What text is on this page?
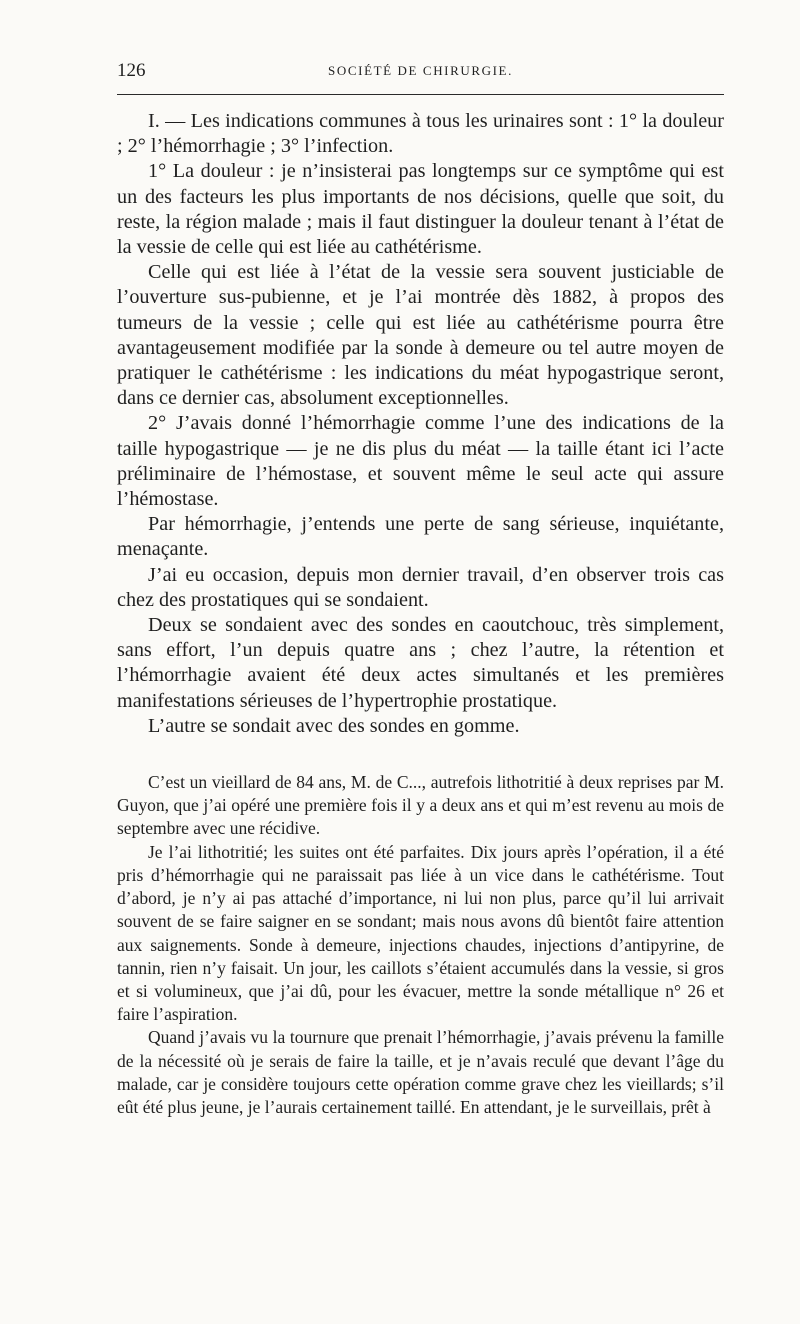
126	SOCIÉTÉ DE CHIRURGIE.

I. — Les indications communes à tous les urinaires sont : 1° la douleur ; 2° l’hémorrhagie ; 3° l’infection.

1° La douleur : je n’insisterai pas longtemps sur ce symptôme qui est un des facteurs les plus importants de nos décisions, quelle que soit, du reste, la région malade ; mais il faut distinguer la douleur tenant à l’état de la vessie de celle qui est liée au cathétérisme.

Celle qui est liée à l’état de la vessie sera souvent justiciable de l’ouverture sus-pubienne, et je l’ai montrée dès 1882, à propos des tumeurs de la vessie ; celle qui est liée au cathétérisme pourra être avantageusement modifiée par la sonde à demeure ou tel autre moyen de pratiquer le cathétérisme : les indications du méat hypogastrique seront, dans ce dernier cas, absolument exceptionnelles.

2° J’avais donné l’hémorrhagie comme l’une des indications de la taille hypogastrique — je ne dis plus du méat — la taille étant ici l’acte préliminaire de l’hémostase, et souvent même le seul acte qui assure l’hémostase.

Par hémorrhagie, j’entends une perte de sang sérieuse, inquiétante, menaçante.

J’ai eu occasion, depuis mon dernier travail, d’en observer trois cas chez des prostatiques qui se sondaient.

Deux se sondaient avec des sondes en caoutchouc, très simplement, sans effort, l’un depuis quatre ans ; chez l’autre, la rétention et l’hémorrhagie avaient été deux actes simultanés et les premières manifestations sérieuses de l’hypertrophie prostatique.

L’autre se sondait avec des sondes en gomme.

C’est un vieillard de 84 ans, M. de C..., autrefois lithotritié à deux reprises par M. Guyon, que j’ai opéré une première fois il y a deux ans et qui m’est revenu au mois de septembre avec une récidive.

Je l’ai lithotritié; les suites ont été parfaites. Dix jours après l’opération, il a été pris d’hémorrhagie qui ne paraissait pas liée à un vice dans le cathétérisme. Tout d’abord, je n’y ai pas attaché d’importance, ni lui non plus, parce qu’il lui arrivait souvent de se faire saigner en se sondant; mais nous avons dû bientôt faire attention aux saignements. Sonde à demeure, injections chaudes, injections d’antipyrine, de tannin, rien n’y faisait. Un jour, les caillots s’étaient accumulés dans la vessie, si gros et si volumineux, que j’ai dû, pour les évacuer, mettre la sonde métallique n° 26 et faire l’aspiration.

Quand j’avais vu la tournure que prenait l’hémorrhagie, j’avais prévenu la famille de la nécessité où je serais de faire la taille, et je n’avais reculé que devant l’âge du malade, car je considère toujours cette opération comme grave chez les vieillards; s’il eût été plus jeune, je l’aurais certainement taillé. En attendant, je le surveillais, prêt à
